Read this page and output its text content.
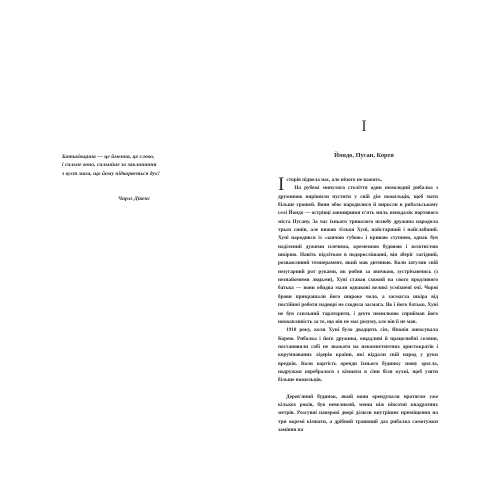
Батьківщина — це ймення, це слово,
і сильне воно, сильніше за заклинання
з вуст мага, що йому підкоряється дух!
Чарлз Дікенс
I
Йондо, Пусан, Корея

Історія підвела нас, але нічого не важить.

На рубежі минулого століття один немолодий рибалка з дружиною вирішили пустити у свій дім пожильців, щоб мати більше грошей. Вони обоє народилися й виросли в рибальському селі Йондо — острівці завширшки п'ять миль неподалік портового міста Пусану. За час їхнього тривалого шлюбу дружина народила трьох синів, але вижив тільки Хуні, найстарший і найслабший. Хуні народився із «заячою губою» і кривою ступнею, однак був наділений дужими плечима, кремезною будовою і золотистою шкірою. Навіть підлітком в подорослішанні, він зберіг лагідний, розважливий темперамент, який мав дитиною. Коли затулив свій незугарний рот руками, як робив за звичкою, зустрічаючись (з незнайомими людьми), Хуні ставав схожий на свого вродливого батька — вони обидва мали однакові великі усміхнені очі. Чорні брови прикрашали його широке чоло, а засмагла шкіра від постійної роботи надворі не сходила засмага. Як і його батько, Хуні не був схильний тараторити, і дехто помилково сприймав його неквапливість за те, що він не має розуму, але він її не мав.

1910 року, коли Хуні було двадцять сім, Японія анексувала Корею. Рибалка і його дружина, ощадливі й працелюбні селяни, постановили собі не зважати на некомпетентних аристократів і корумпованих лідерів країни, які віддали свій народ у руки вредків. Коли вартість оренди їхнього будинку знову зросла, подружжя перебралося з кімнати в сіни біля кухні, щоб узяти більше пожильців.

Дерев'яний будинок, який вони орендували протягом уже кількох років, був невеликий, менш ніж півсотні квадратних метрів. Розсувні паперові двері ділили внутрішнє приміщення на три окремі кімнати, а дрібний травяний дах рибалка самотужки заміняв на
